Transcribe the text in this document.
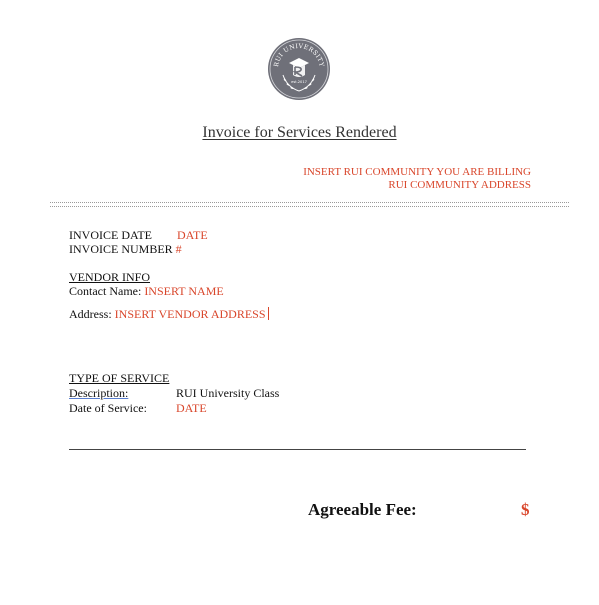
RUI UNIVERSITY
est.2017
Invoice for Services Rendered
INSERT RUI COMMUNITY YOU ARE BILLING
RUI COMMUNITY ADDRESS
INVOICE DATE DATE
INVOICE NUMBER #
VENDOR INFO
Contact Name: INSERT NAME
Address: INSERT VENDOR ADDRESS
TYPE OF SERVICE
Description:	RUI University Class
Date of Service: DATE
Agreeable Fee:	$
